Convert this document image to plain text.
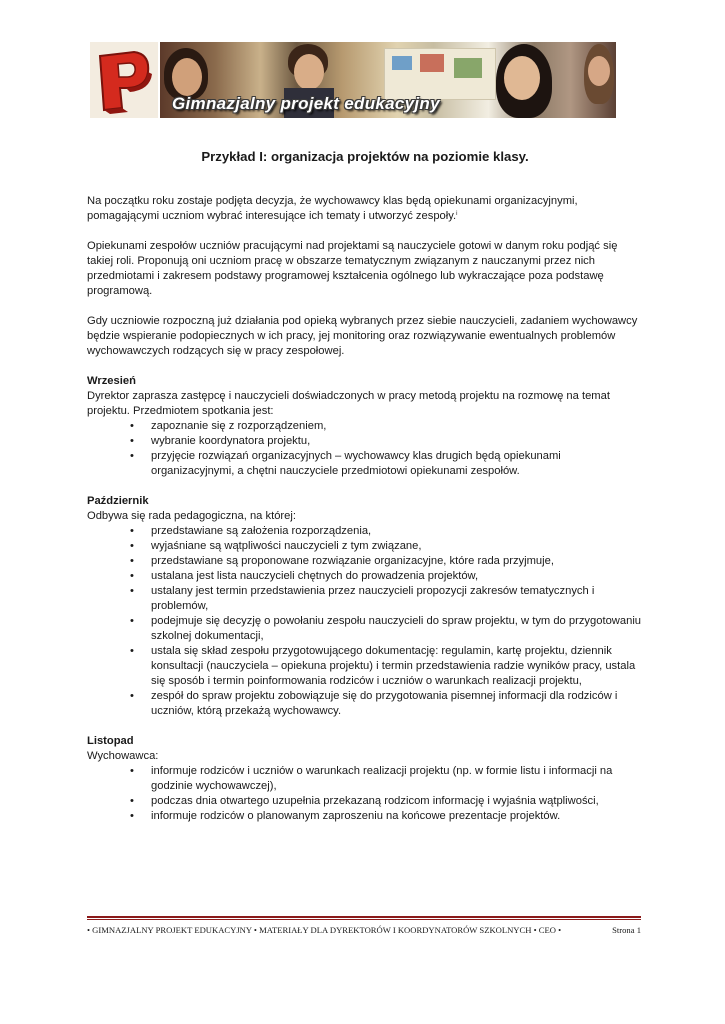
Gimnazjalny projekt edukacyjny
Przykład I: organizacja projektów na poziomie klasy.

Na początku roku zostaje podjęta decyzja, że wychowawcy klas będą opiekunami organizacyjnymi, pomagającymi uczniom wybrać interesujące ich tematy i utworzyć zespoły.$^i$

Opiekunami zespołów uczniów pracującymi nad projektami są nauczyciele gotowi w danym roku podjąć się takiej roli. Proponują oni uczniom pracę w obszarze tematycznym związanym z nauczanymi przez nich przedmiotami i zakresem podstawy programowej kształcenia ogólnego lub wykraczające poza podstawę programową.

Gdy uczniowie rozpoczną już działania pod opieką wybranych przez siebie nauczycieli, zadaniem wychowawcy będzie wspieranie podopiecznych w ich pracy, jej monitoring oraz rozwiązywanie ewentualnych problemów wychowawczych rodzących się w pracy zespołowej.

Wrzesień
Dyrektor zaprasza zastępcę i nauczycieli doświadczonych w pracy metodą projektu na rozmowę na temat projektu. Przedmiotem spotkania jest:
• zapoznanie się z rozporządzeniem,
• wybranie koordynatora projektu,
• przyjęcie rozwiązań organizacyjnych – wychowawcy klas drugich będą opiekunami organizacyjnymi, a chętni nauczyciele przedmiotowi opiekunami zespołów.
Październik
Odbywa się rada pedagogiczna, na której:
• przedstawiane są założenia rozporządzenia,
• wyjaśniane są wątpliwości nauczycieli z tym związane,
• przedstawiane są proponowane rozwiązanie organizacyjne, które rada przyjmuje,
• ustalana jest lista nauczycieli chętnych do prowadzenia projektów,
• ustalany jest termin przedstawienia przez nauczycieli propozycji zakresów tematycznych i problemów,
• podejmuje się decyzję o powołaniu zespołu nauczycieli do spraw projektu, w tym do przygotowaniu szkolnej dokumentacji,
• ustala się skład zespołu przygotowującego dokumentację: regulamin, kartę projektu, dziennik konsultacji (nauczyciela – opiekuna projektu) i termin przedstawienia radzie wyników pracy, ustala się sposób i termin poinformowania rodziców i uczniów o warunkach realizacji projektu,
• zespół do spraw projektu zobowiązuje się do przygotowania pisemnej informacji dla rodziców i uczniów, którą przekażą wychowawcy.
Listopad
Wychowawca:
• informuje rodziców i uczniów o warunkach realizacji projektu (np. w formie listu i informacji na godzinie wychowawczej),
• podczas dnia otwartego uzupełnia przekazaną rodzicom informację i wyjaśnia wątpliwości,
• informuje rodziców o planowanym zaproszeniu na końcowe prezentacje projektów.
• GIMNAZJALNY PROJEKT EDUKACYJNY • MATERIAŁY DLA DYREKTORÓW I KOORDYNATORÓW SZKOLNYCH • CEO •	Strona 1
